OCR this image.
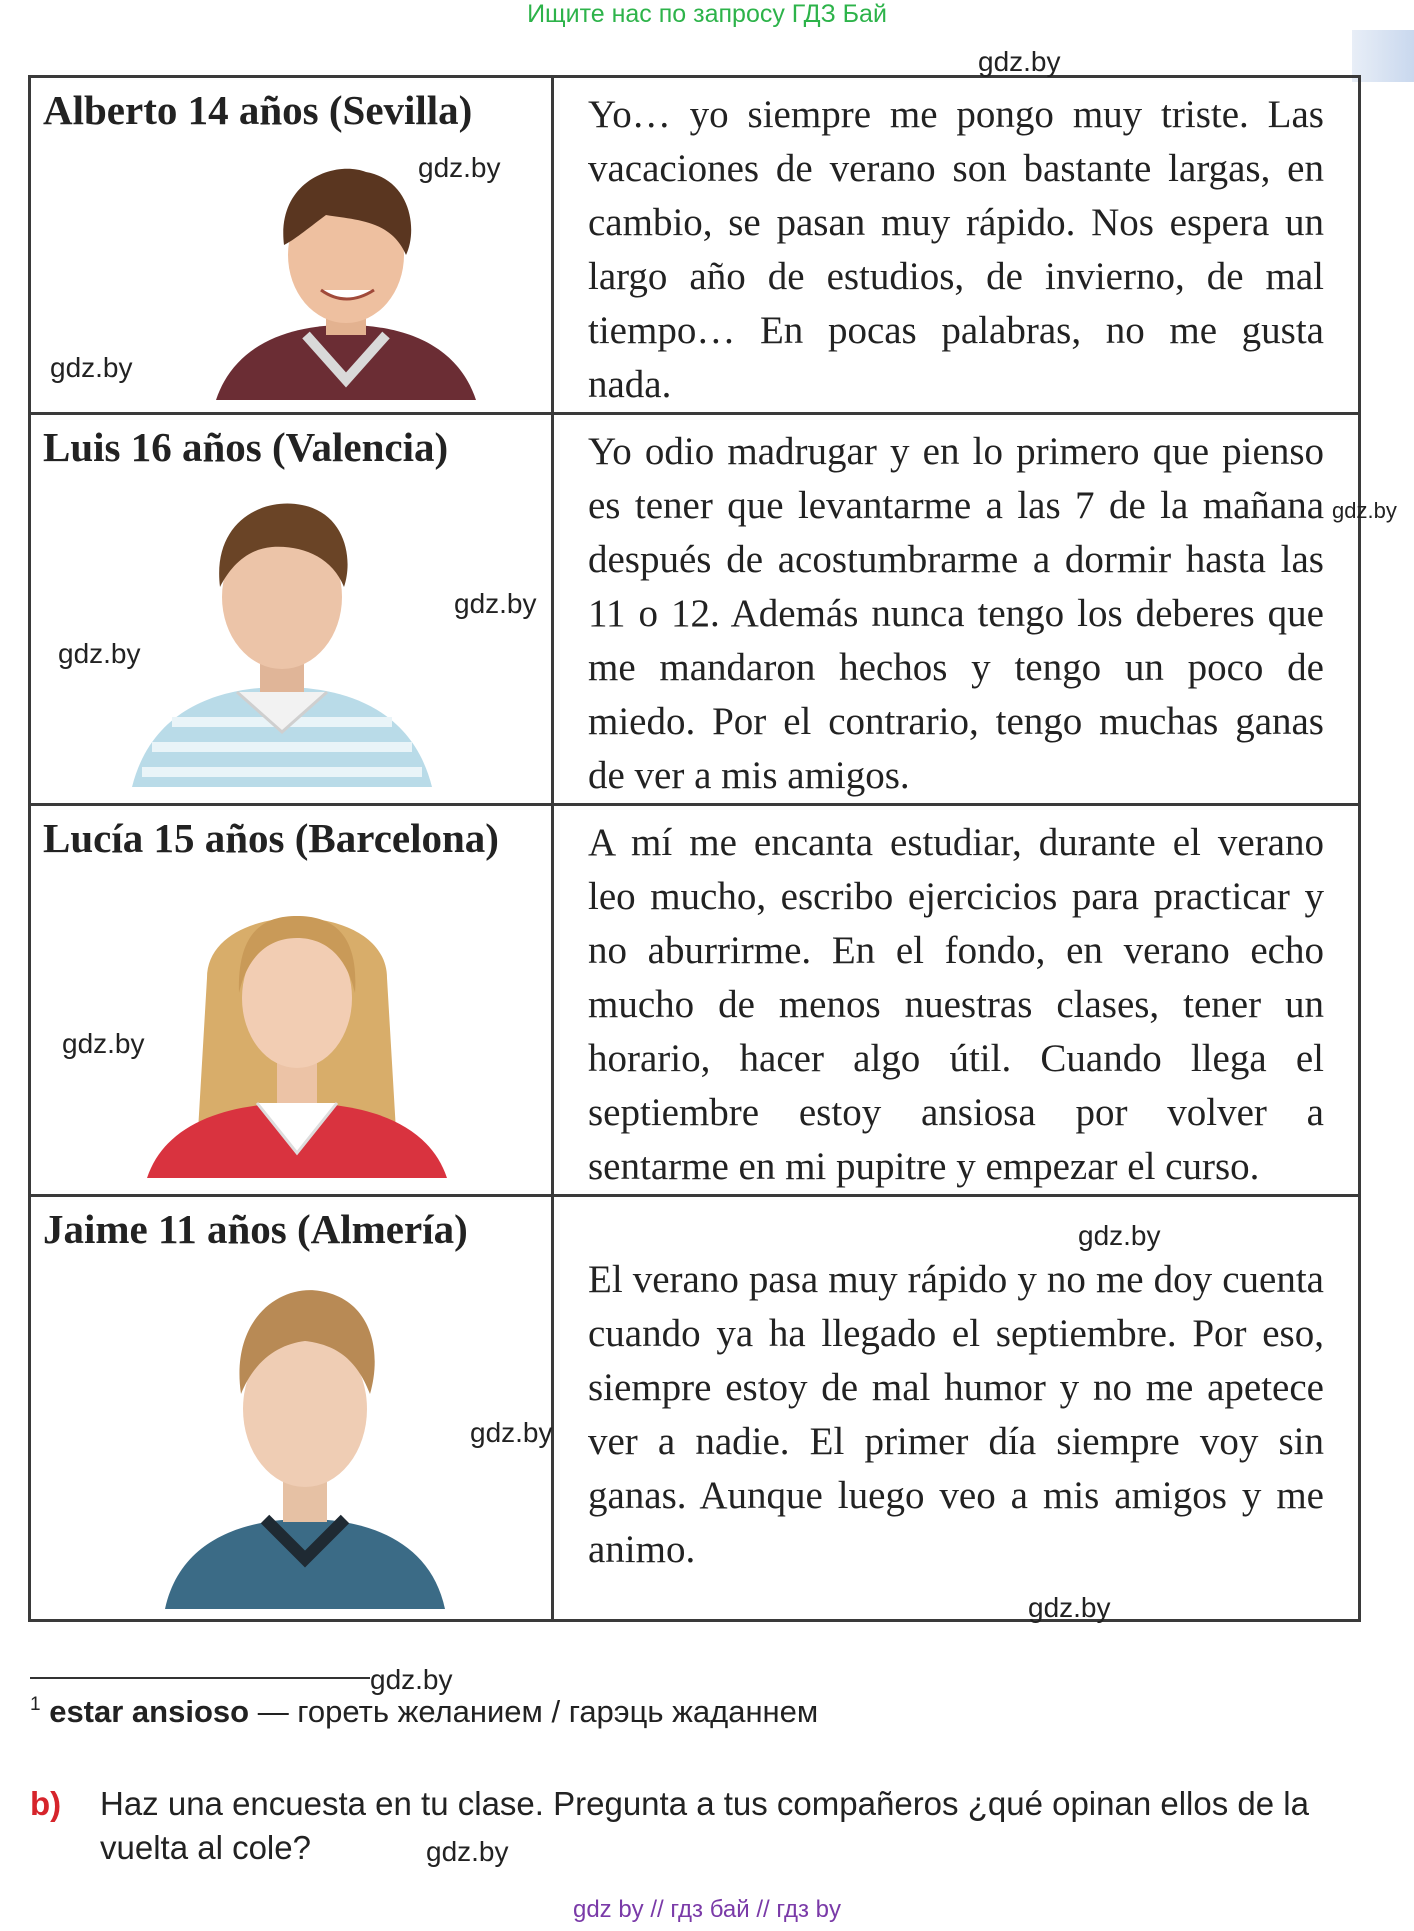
Ищите нас по запросу ГДЗ Бай
Alberto 14 años (Sevilla)	Yo… yo siempre me pongo muy triste. Las vacaciones de verano son bastante largas, en cambio, se pasan muy rápido. Nos espera un largo año de estudios, de invierno, de mal tiempo… En pocas palabras, no me gusta nada.

Luis 16 años (Valencia)	Yo odio madrugar y en lo primero que pienso es tener que levantarme a las 7 de la mañana después de acostumbrarme a dormir hasta las 11 o 12. Además nunca tengo los deberes que me mandaron hechos y tengo un poco de miedo. Por el contrario, tengo muchas ganas de ver a mis amigos.

Lucía 15 años (Barcelona)	A mí me encanta estudiar, durante el verano leo mucho, escribo ejercicios para practicar y no aburrirme. En el fondo, en verano echo mucho de menos nuestras clases, tener un horario, hacer algo útil. Cuando llega el septiembre estoy ansiosa por volver a sentarme en mi pupitre y empezar el curso.

Jaime 11 años (Almería)	El verano pasa muy rápido y no me doy cuenta cuando ya ha llegado el septiembre. Por eso, siempre estoy de mal humor y no me apetece ver a nadie. El primer día siempre voy sin ganas. Aunque luego veo a mis amigos y me animo.
gdz.by
gdz.by
gdz.by
gdz.by
gdz.by
gdz.by
gdz.by
gdz.by
gdz.by
gdz.by
gdz.by
gdz.by
$^1$ estar ansioso — гореть желанием / гарэць жаданнем
b) Haz una encuesta en tu clase. Pregunta a tus compañeros ¿qué opinan ellos de la vuelta al cole?
gdz by // гдз бай // гдз by
